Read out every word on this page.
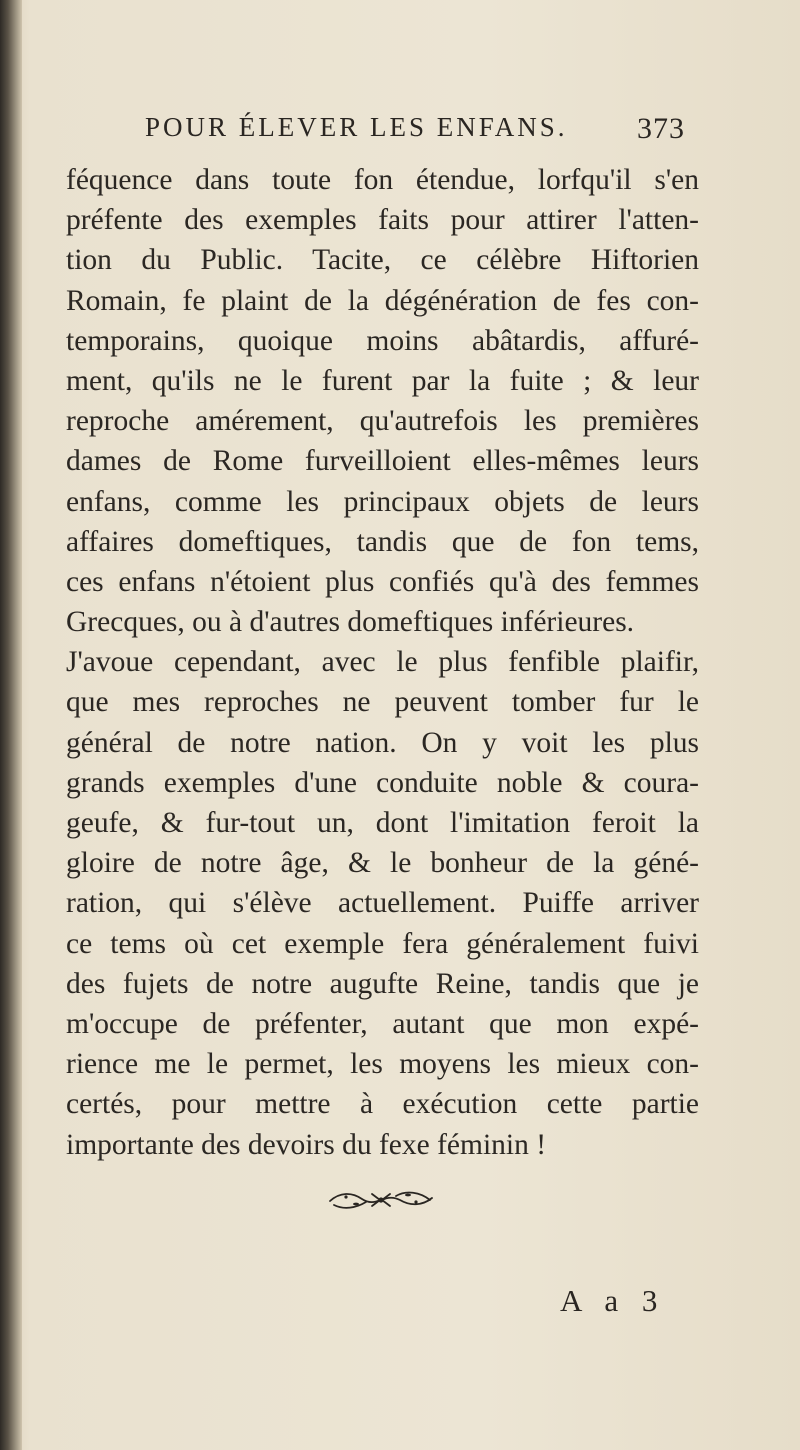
POUR ÉLEVER LES ENFANS. 373
féquence dans toute fon étendue, lorfqu'il s'en
préfente des exemples faits pour attirer l'atten-
tion du Public. Tacite, ce célèbre Hiftorien
Romain, fe plaint de la dégénération de fes con-
temporains, quoique moins abâtardis, affuré-
ment, qu'ils ne le furent par la fuite ; & leur
reproche amérement, qu'autrefois les premières
dames de Rome furveilloient elles-mêmes leurs
enfans, comme les principaux objets de leurs
affaires domeftiques, tandis que de fon tems,
ces enfans n'étoient plus confiés qu'à des femmes
Grecques, ou à d'autres domeftiques inférieures.
J'avoue cependant, avec le plus fenfible plaifir,
que mes reproches ne peuvent tomber fur le
général de notre nation. On y voit les plus
grands exemples d'une conduite noble & coura-
geufe, & fur-tout un, dont l'imitation feroit la
gloire de notre âge, & le bonheur de la géné-
ration, qui s'élève actuellement. Puiffe arriver
ce tems où cet exemple fera généralement fuivi
des fujets de notre augufte Reine, tandis que je
m'occupe de préfenter, autant que mon expé-
rience me le permet, les moyens les mieux con-
certés, pour mettre à exécution cette partie
importante des devoirs du fexe féminin !
A a 3
